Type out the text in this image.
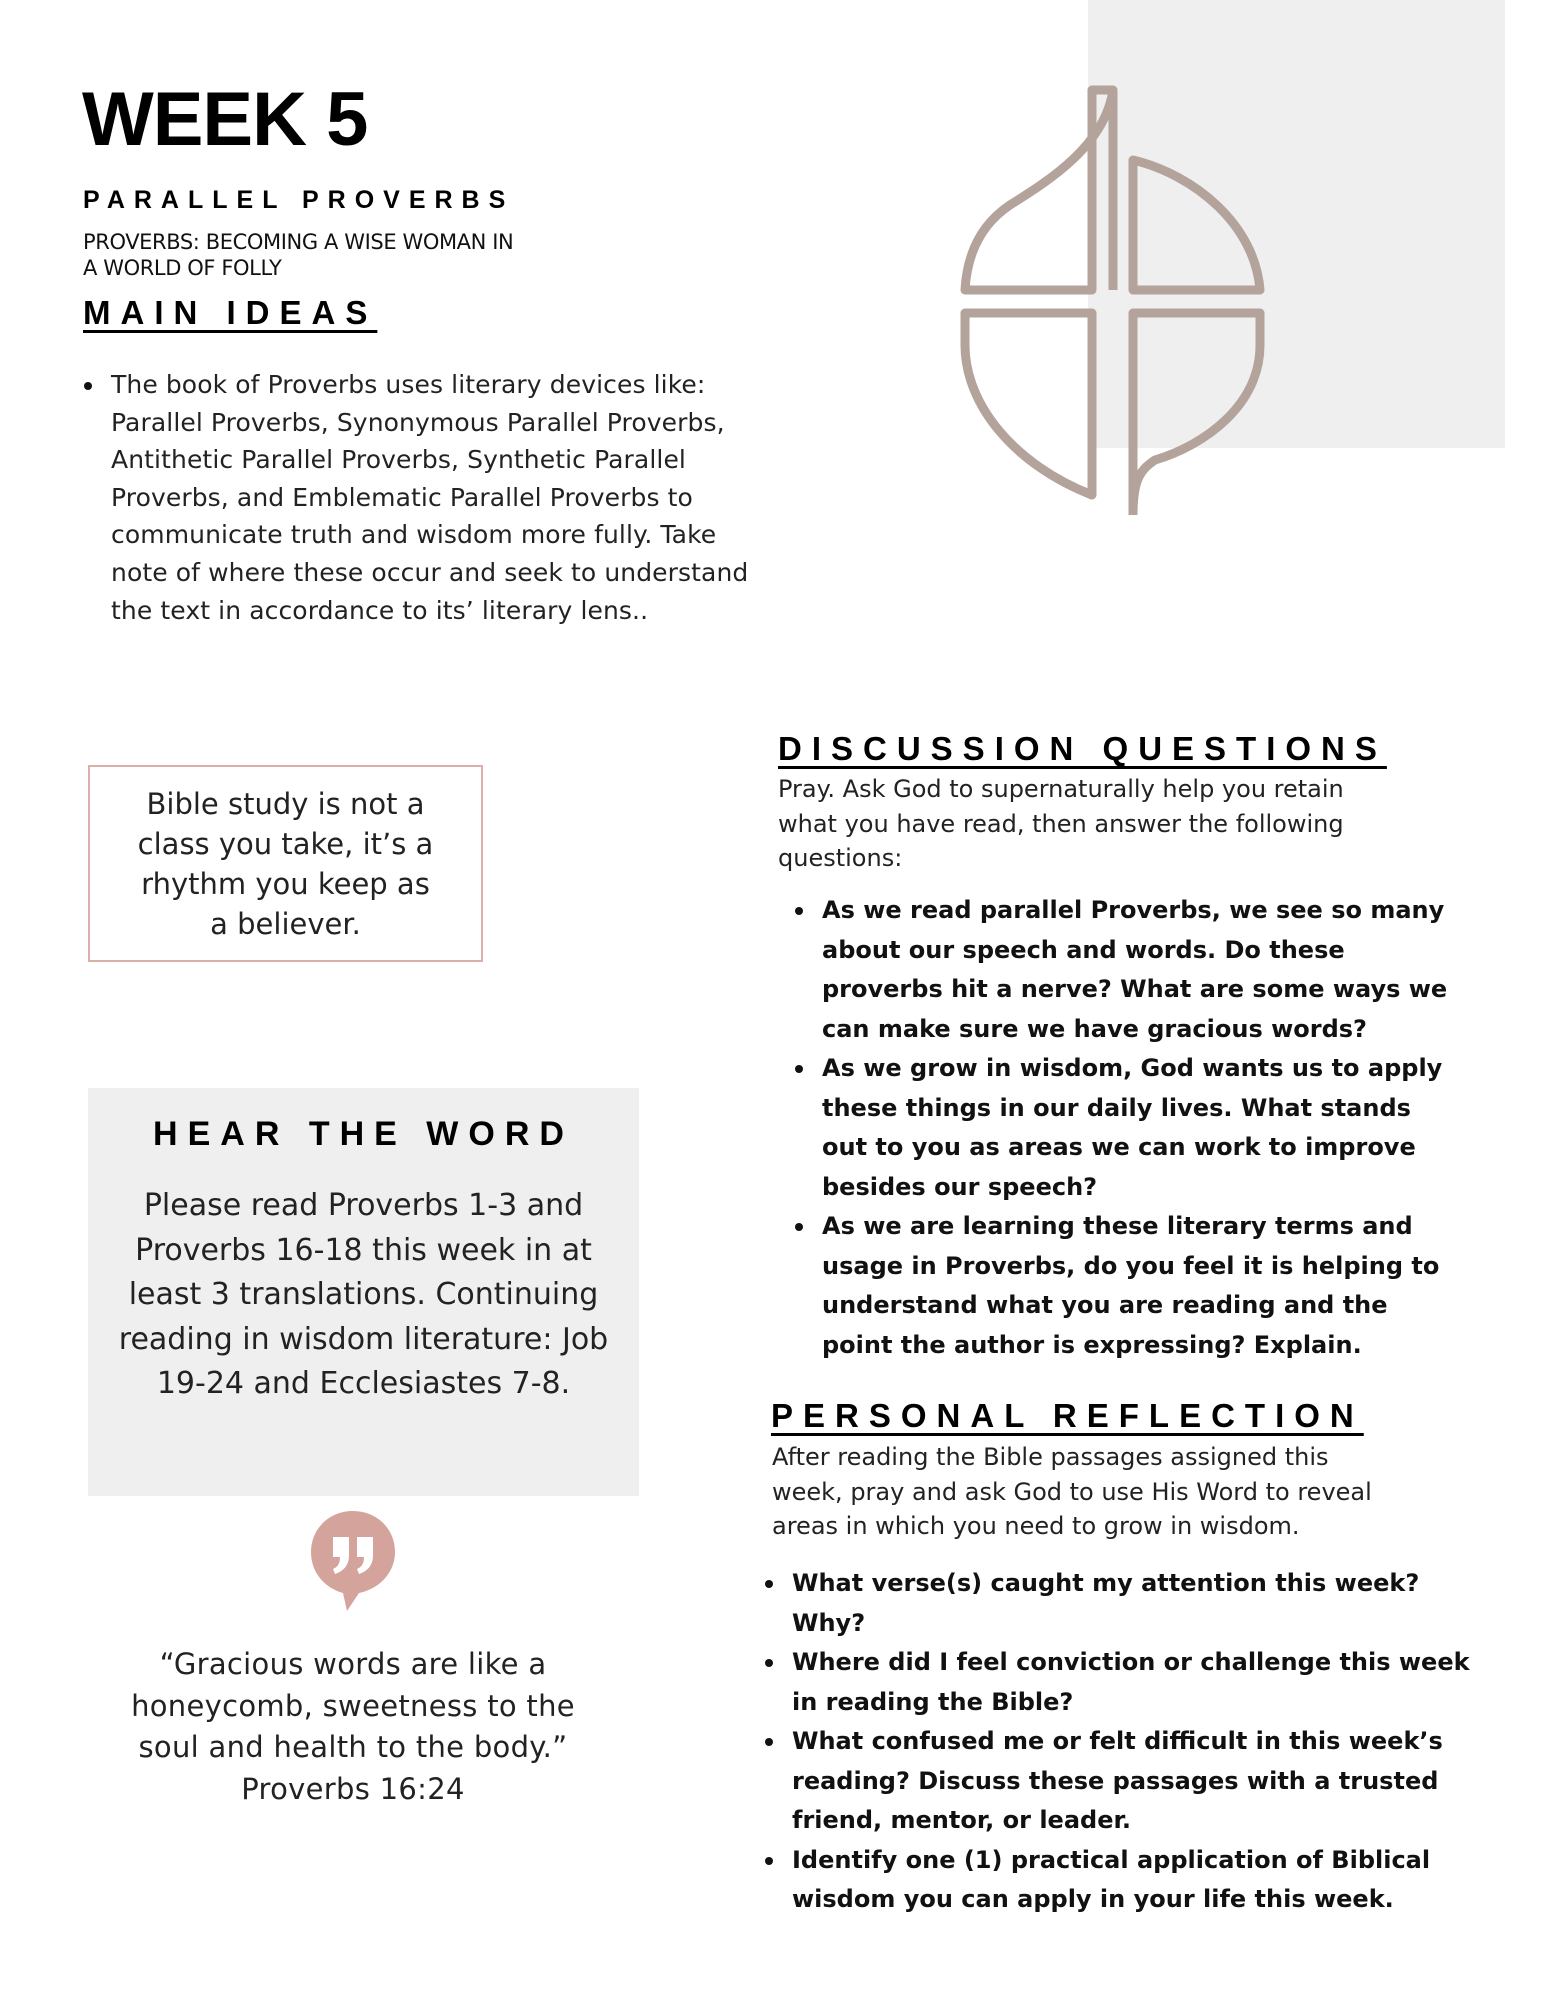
WEEK 5
PARALLEL PROVERBS
PROVERBS: BECOMING A WISE WOMAN IN
A WORLD OF FOLLY
MAIN IDEAS
The book of Proverbs uses literary devices like: Parallel Proverbs, Synonymous Parallel Proverbs, Antithetic Parallel Proverbs, Synthetic Parallel Proverbs, and Emblematic Parallel Proverbs to communicate truth and wisdom more fully. Take note of where these occur and seek to understand the text in accordance to its’ literary lens..
Bible study is not a class you take, it’s a rhythm you keep as a believer.
HEAR THE WORD
Please read Proverbs 1-3 and Proverbs 16-18 this week in at least 3 translations. Continuing reading in wisdom literature: Job 19-24 and Ecclesiastes 7-8.
“Gracious words are like a honeycomb, sweetness to the soul and health to the body.”
Proverbs 16:24
DISCUSSION QUESTIONS
Pray. Ask God to supernaturally help you retain what you have read, then answer the following questions:
As we read parallel Proverbs, we see so many about our speech and words. Do these proverbs hit a nerve? What are some ways we can make sure we have gracious words?
As we grow in wisdom, God wants us to apply these things in our daily lives. What stands out to you as areas we can work to improve besides our speech?
As we are learning these literary terms and usage in Proverbs, do you feel it is helping to understand what you are reading and the point the author is expressing? Explain.
PERSONAL REFLECTION
After reading the Bible passages assigned this week, pray and ask God to use His Word to reveal areas in which you need to grow in wisdom.
What verse(s) caught my attention this week? Why?
Where did I feel conviction or challenge this week in reading the Bible?
What confused me or felt difficult in this week’s reading? Discuss these passages with a trusted friend, mentor, or leader.
Identify one (1) practical application of Biblical wisdom you can apply in your life this week.
